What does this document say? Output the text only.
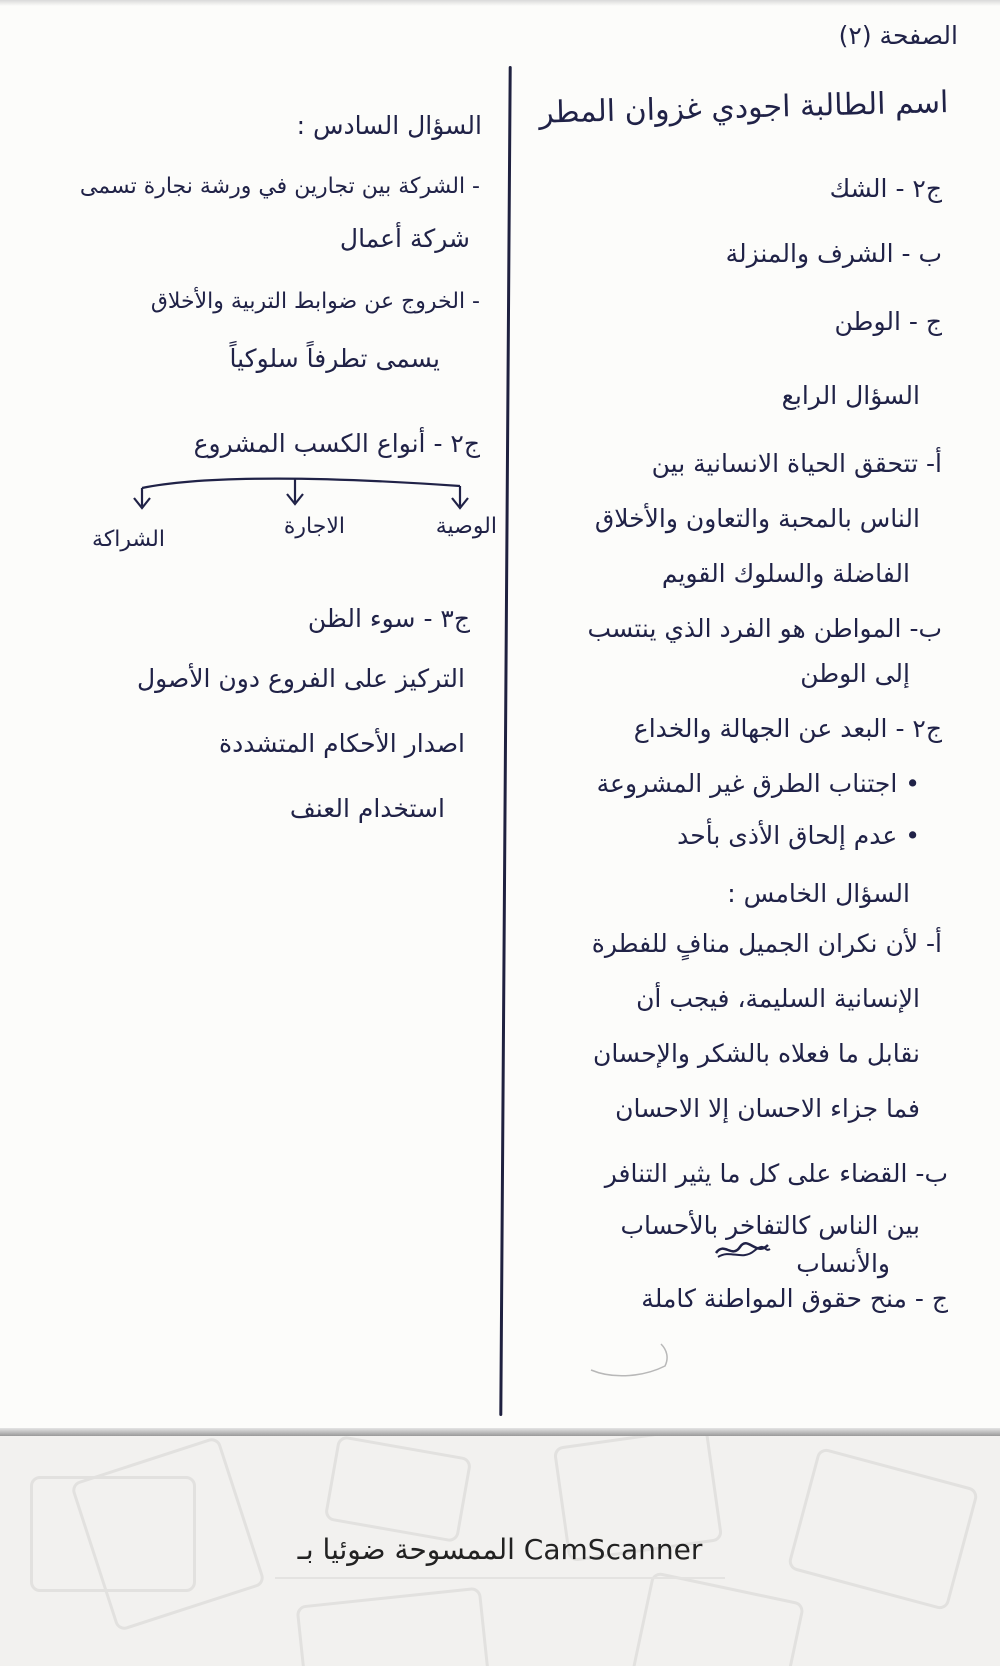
الصفحة (٢)
اسم الطالبة اجودي غزوان المطر
ج٢ - الشك
ب - الشرف والمنزلة
ج - الوطن
السؤال الرابع
أ- تتحقق الحياة الانسانية بين
الناس بالمحبة والتعاون والأخلاق
الفاضلة والسلوك القويم
ب- المواطن هو الفرد الذي ينتسب
إلى الوطن
ج٢ - البعد عن الجهالة والخداع
• اجتناب الطرق غير المشروعة
• عدم إلحاق الأذى بأحد
السؤال الخامس :
أ- لأن نكران الجميل منافٍ للفطرة
الإنسانية السليمة، فيجب أن
نقابل ما فعلاه بالشكر والإحسان
فما جزاء الاحسان إلا الاحسان
ب- القضاء على كل ما يثير التنافر
بين الناس كالتفاخر بالأحساب
والأنساب
ج - منح حقوق المواطنة كاملة
السؤال السادس :
- الشركة بين تجارين في ورشة نجارة تسمى
شركة أعمال
- الخروج عن ضوابط التربية والأخلاق
يسمى تطرفاً سلوكياً
ج٢ - أنواع الكسب المشروع
الوصية
الاجارة
الشراكة
ج٣ - سوء الظن
التركيز على الفروع دون الأصول
اصدار الأحكام المتشددة
استخدام العنف
الممسوحة ضوئيا بـ CamScanner
